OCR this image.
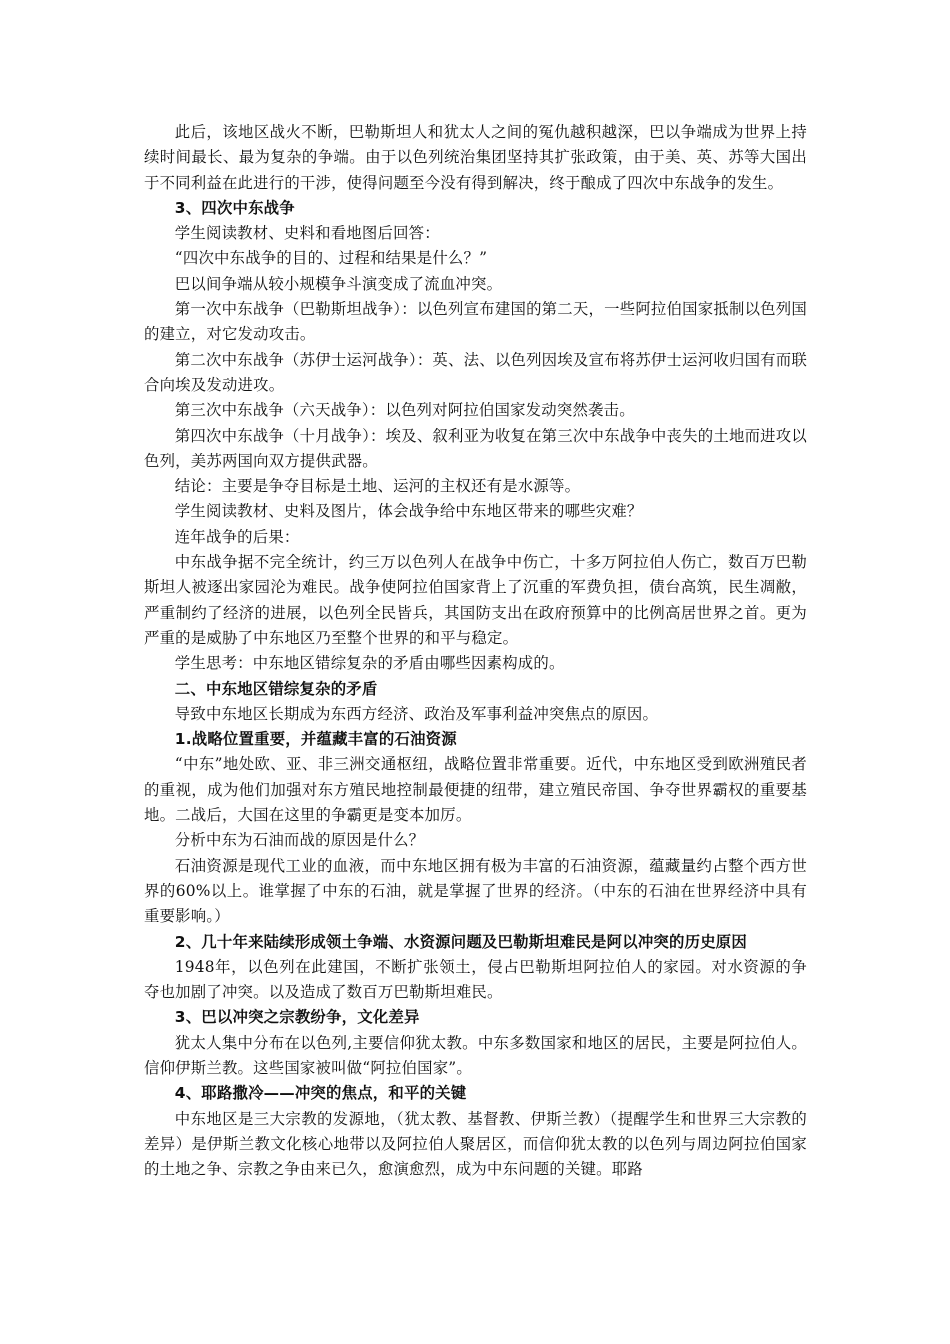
此后，该地区战火不断，巴勒斯坦人和犹太人之间的冤仇越积越深，巴以争端成为世界上持续时间最长、最为复杂的争端。由于以色列统治集团坚持其扩张政策，由于美、英、苏等大国出于不同利益在此进行的干涉，使得问题至今没有得到解决，终于酿成了四次中东战争的发生。

3、四次中东战争

学生阅读教材、史料和看地图后回答：

“四次中东战争的目的、过程和结果是什么？”

巴以间争端从较小规模争斗演变成了流血冲突。

第一次中东战争（巴勒斯坦战争）：以色列宣布建国的第二天，一些阿拉伯国家抵制以色列国的建立，对它发动攻击。

第二次中东战争（苏伊士运河战争）：英、法、以色列因埃及宣布将苏伊士运河收归国有而联合向埃及发动进攻。

第三次中东战争（六天战争）：以色列对阿拉伯国家发动突然袭击。

第四次中东战争（十月战争）：埃及、叙利亚为收复在第三次中东战争中丧失的土地而进攻以色列，美苏两国向双方提供武器。

结论：主要是争夺目标是土地、运河的主权还有是水源等。

学生阅读教材、史料及图片，体会战争给中东地区带来的哪些灾难？

连年战争的后果：

中东战争据不完全统计，约三万以色列人在战争中伤亡，十多万阿拉伯人伤亡，数百万巴勒斯坦人被逐出家园沦为难民。战争使阿拉伯国家背上了沉重的军费负担，债台高筑，民生凋敝，严重制约了经济的进展，以色列全民皆兵，其国防支出在政府预算中的比例高居世界之首。更为严重的是威胁了中东地区乃至整个世界的和平与稳定。

学生思考：中东地区错综复杂的矛盾由哪些因素构成的。

二、中东地区错综复杂的矛盾

导致中东地区长期成为东西方经济、政治及军事利益冲突焦点的原因。

1.战略位置重要，并蕴藏丰富的石油资源

“中东”地处欧、亚、非三洲交通枢纽，战略位置非常重要。近代，中东地区受到欧洲殖民者的重视，成为他们加强对东方殖民地控制最便捷的纽带，建立殖民帝国、争夺世界霸权的重要基地。二战后，大国在这里的争霸更是变本加厉。

分析中东为石油而战的原因是什么？

石油资源是现代工业的血液，而中东地区拥有极为丰富的石油资源，蕴藏量约占整个西方世界的60%以上。谁掌握了中东的石油，就是掌握了世界的经济。（中东的石油在世界经济中具有重要影响。）

2、几十年来陆续形成领土争端、水资源问题及巴勒斯坦难民是阿以冲突的历史原因

1948年，以色列在此建国，不断扩张领土，侵占巴勒斯坦阿拉伯人的家园。对水资源的争夺也加剧了冲突。以及造成了数百万巴勒斯坦难民。

3、巴以冲突之宗教纷争，文化差异

犹太人集中分布在以色列,主要信仰犹太教。中东多数国家和地区的居民，主要是阿拉伯人。信仰伊斯兰教。这些国家被叫做“阿拉伯国家”。

4、耶路撒冷——冲突的焦点，和平的关键

中东地区是三大宗教的发源地，（犹太教、基督教、伊斯兰教）（提醒学生和世界三大宗教的差异）是伊斯兰教文化核心地带以及阿拉伯人聚居区，而信仰犹太教的以色列与周边阿拉伯国家的土地之争、宗教之争由来已久，愈演愈烈，成为中东问题的关键。耶路
